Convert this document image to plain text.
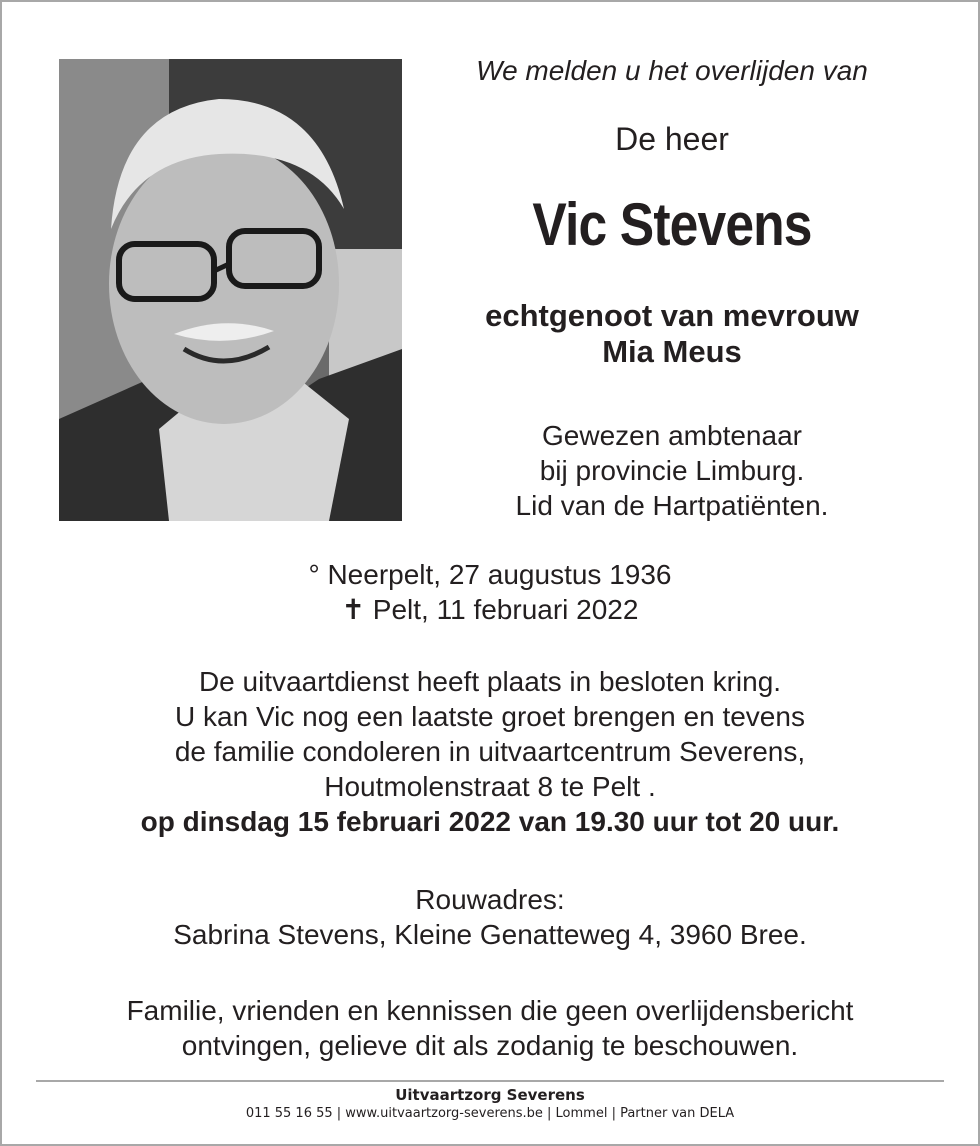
We melden u het overlijden van
De heer
Vic Stevens
echtgenoot van mevrouw
Mia Meus
Gewezen ambtenaar
bij provincie Limburg.
Lid van de Hartpatiënten.
° Neerpelt, 27 augustus 1936
✝ Pelt, 11 februari 2022
De uitvaartdienst heeft plaats in besloten kring.
U kan Vic nog een laatste groet brengen en tevens
de familie condoleren in uitvaartcentrum Severens,
Houtmolenstraat 8 te Pelt .
op dinsdag 15 februari 2022 van 19.30 uur tot 20 uur.
Rouwadres:
Sabrina Stevens, Kleine Genatteweg 4, 3960 Bree.
Familie, vrienden en kennissen die geen overlijdensbericht
ontvingen, gelieve dit als zodanig te beschouwen.
Uitvaartzorg Severens
011 55 16 55 | www.uitvaartzorg-severens.be | Lommel | Partner van DELA
